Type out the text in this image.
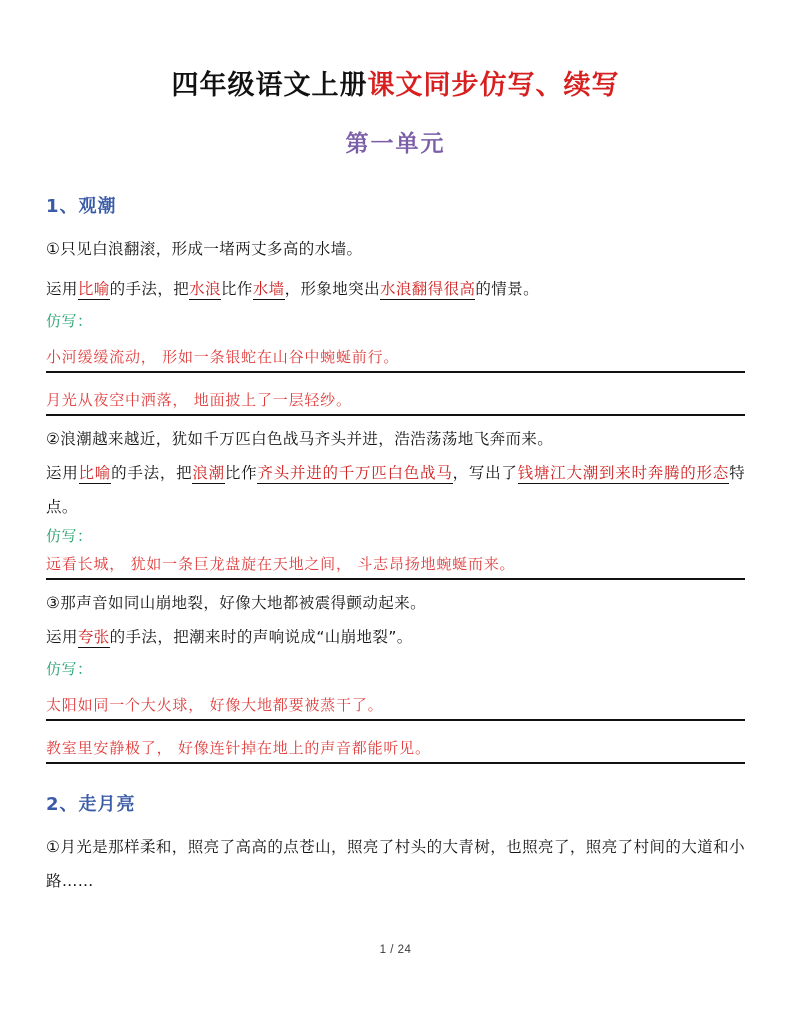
四年级语文上册课文同步仿写、续写
第一单元
1、观潮

①只见白浪翻滚，形成一堵两丈多高的水墙。

运用比喻的手法，把水浪比作水墙，形象地突出水浪翻得很高的情景。

仿写：

小河缓缓流动， 形如一条银蛇在山谷中蜿蜒前行。
月光从夜空中洒落， 地面披上了一层轻纱。

②浪潮越来越近，犹如千万匹白色战马齐头并进，浩浩荡荡地飞奔而来。

运用比喻的手法，把浪潮比作齐头并进的千万匹白色战马，写出了钱塘江大潮到来时奔腾的形态特点。

仿写：

远看长城， 犹如一条巨龙盘旋在天地之间， 斗志昂扬地蜿蜒而来。

③那声音如同山崩地裂，好像大地都被震得颤动起来。

运用夸张的手法，把潮来时的声响说成“山崩地裂”。

仿写：

太阳如同一个大火球， 好像大地都要被蒸干了。
教室里安静极了， 好像连针掉在地上的声音都能听见。
2、走月亮

①月光是那样柔和，照亮了高高的点苍山，照亮了村头的大青树，也照亮了，照亮了村间的大道和小路……

1 / 24
